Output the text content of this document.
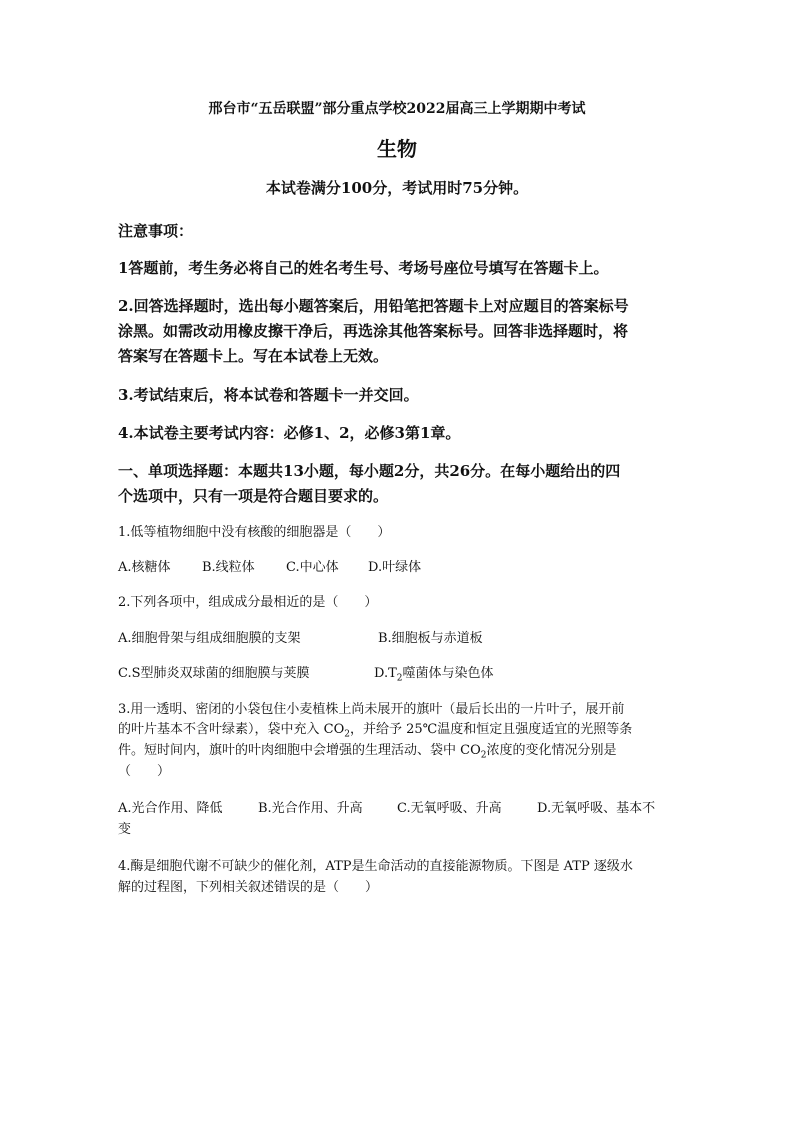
邢台市“五岳联盟”部分重点学校2022届高三上学期期中考试
生物
本试卷满分100分，考试用时75分钟。
注意事项：
1答题前，考生务必将自己的姓名考生号、考场号座位号填写在答题卡上。
2.回答选择题时，选出每小题答案后，用铅笔把答题卡上对应题目的答案标号
涂黑。如需改动用橡皮擦干净后，再选涂其他答案标号。回答非选择题时，将
答案写在答题卡上。写在本试卷上无效。
3.考试结束后，将本试卷和答题卡一并交回。
4.本试卷主要考试内容：必修1、2，必修3第1章。
一、单项选择题：本题共13小题，每小题2分，共26分。在每小题给出的四
个选项中，只有一项是符合题目要求的。
1.低等植物细胞中没有核酸的细胞器是（　　）
A.核糖体 B.线粒体 C.中心体 D.叶绿体
2.下列各项中，组成成分最相近的是（　　）
A.细胞骨架与组成细胞膜的支架	B.细胞板与赤道板
C.S型肺炎双球菌的细胞膜与荚膜	$D.T_2$噬菌体与染色体
3.用一透明、密闭的小袋包住小麦植株上尚未展开的旗叶（最后长出的一片叶子，展开前
的叶片基本不含叶绿素），袋中充入 $CO_2$，并给予 25℃温度和恒定且强度适宜的光照等条
件。短时间内，旗叶的叶肉细胞中会增强的生理活动、袋中 $CO_2$浓度的变化情况分别是
（　　）
A.光合作用、降低	B.光合作用、升高	C.无氧呼吸、升高	D.无氧呼吸、基本不
变
4.酶是细胞代谢不可缺少的催化剂，ATP是生命活动的直接能源物质。下图是 ATP 逐级水
解的过程图，下列相关叙述错误的是（　　）
